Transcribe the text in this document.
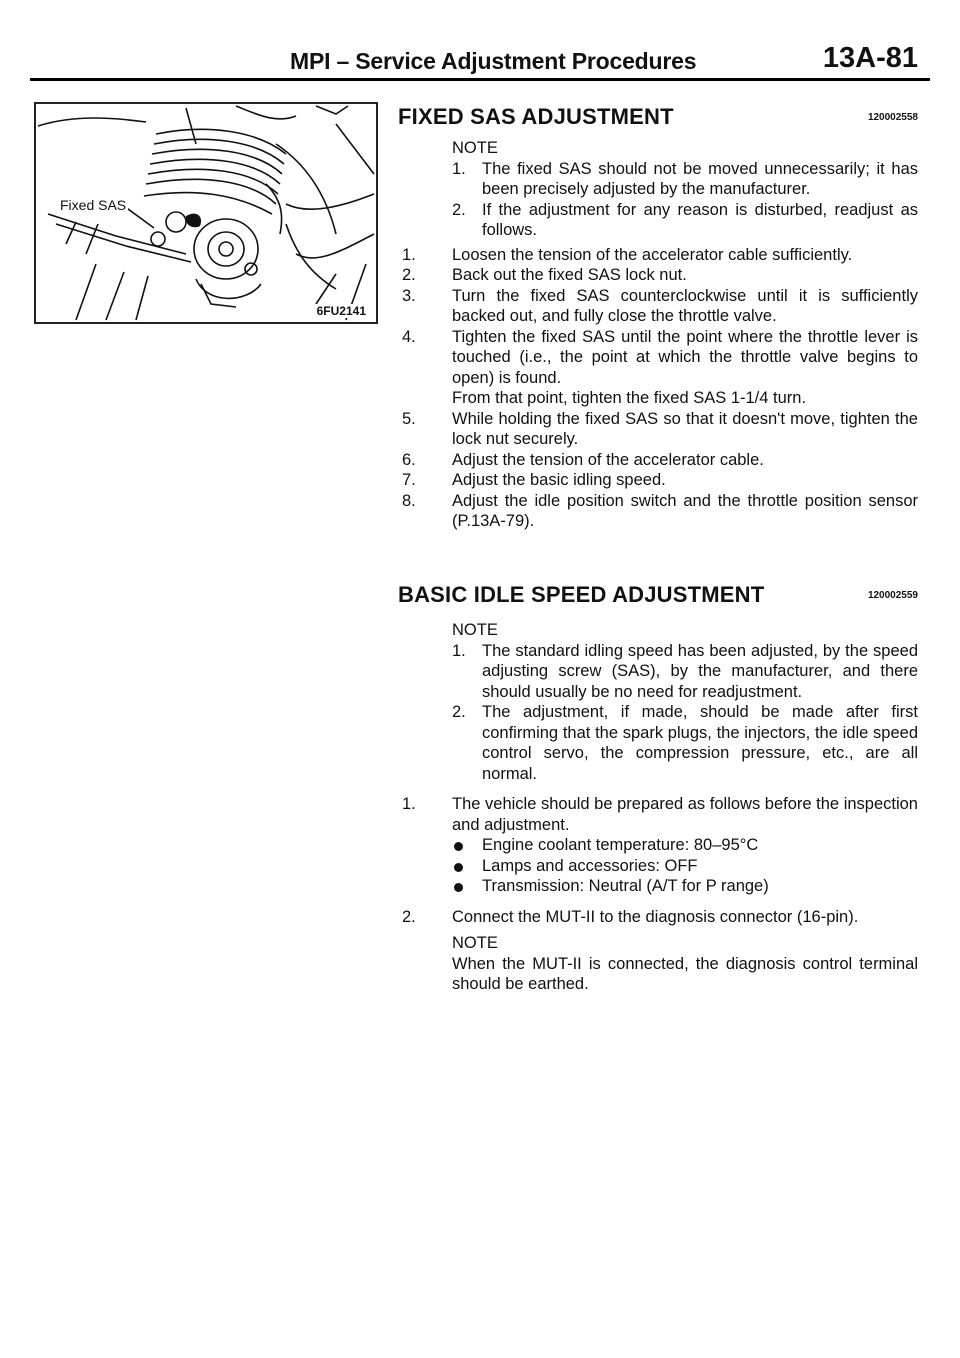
MPI – Service Adjustment Procedures	13A-81
Fixed SAS
6FU2141
FIXED SAS ADJUSTMENT	120002558
NOTE
1. The fixed SAS should not be moved unnecessarily; it has been precisely adjusted by the manufacturer.
2. If the adjustment for any reason is disturbed, readjust as follows.
1. Loosen the tension of the accelerator cable sufficiently.
2. Back out the fixed SAS lock nut.
3. Turn the fixed SAS counterclockwise until it is sufficiently backed out, and fully close the throttle valve.
4. Tighten the fixed SAS until the point where the throttle lever is touched (i.e., the point at which the throttle valve begins to open) is found.
From that point, tighten the fixed SAS 1-1/4 turn.
5. While holding the fixed SAS so that it doesn't move, tighten the lock nut securely.
6. Adjust the tension of the accelerator cable.
7. Adjust the basic idling speed.
8. Adjust the idle position switch and the throttle position sensor (P.13A-79).
BASIC IDLE SPEED ADJUSTMENT	120002559
NOTE
1. The standard idling speed has been adjusted, by the speed adjusting screw (SAS), by the manufacturer, and there should usually be no need for readjustment.
2. The adjustment, if made, should be made after first confirming that the spark plugs, the injectors, the idle speed control servo, the compression pressure, etc., are all normal.
1. The vehicle should be prepared as follows before the inspection and adjustment.
Engine coolant temperature: 80–95°C
Lamps and accessories: OFF
Transmission: Neutral (A/T for P range)
2. Connect the MUT-II to the diagnosis connector (16-pin).
NOTE
When the MUT-II is connected, the diagnosis control terminal should be earthed.
